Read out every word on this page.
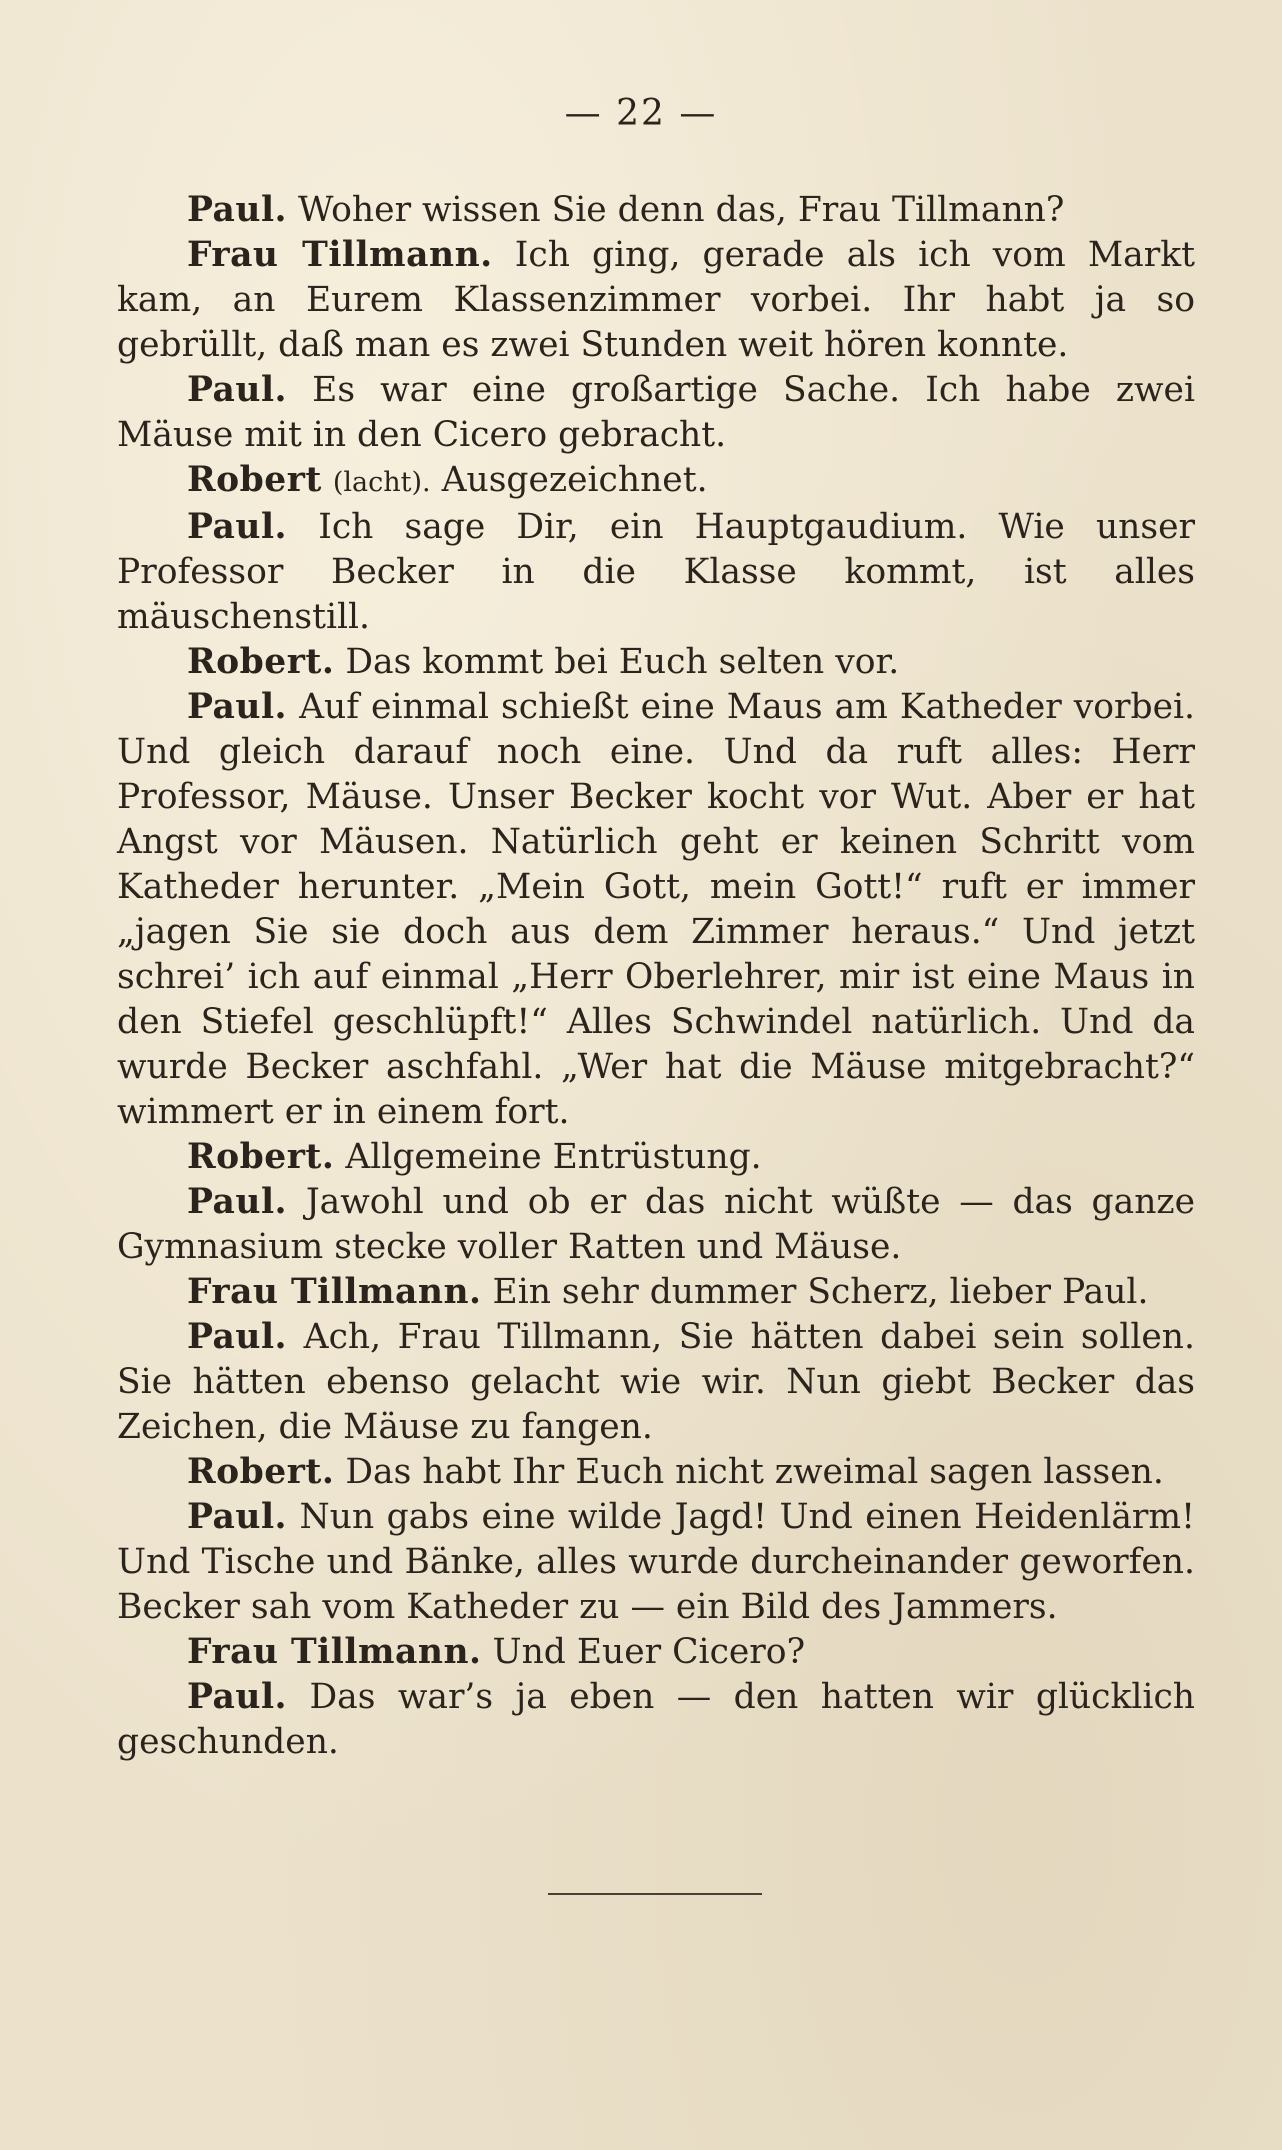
— 22 —

Paul. Woher wissen Sie denn das, Frau Tillmann?

Frau Tillmann. Ich ging, gerade als ich vom Markt kam, an Eurem Klassenzimmer vorbei. Ihr habt ja so gebrüllt, daß man es zwei Stunden weit hören konnte.

Paul. Es war eine großartige Sache. Ich habe zwei Mäuse mit in den Cicero gebracht.

Robert (lacht). Ausgezeichnet.

Paul. Ich sage Dir, ein Hauptgaudium. Wie unser Professor Becker in die Klasse kommt, ist alles mäuschenstill.

Robert. Das kommt bei Euch selten vor.

Paul. Auf einmal schießt eine Maus am Katheder vorbei. Und gleich darauf noch eine. Und da ruft alles: Herr Professor, Mäuse. Unser Becker kocht vor Wut. Aber er hat Angst vor Mäusen. Natürlich geht er keinen Schritt vom Katheder herunter. „Mein Gott, mein Gott!“ ruft er immer „jagen Sie sie doch aus dem Zimmer heraus.“ Und jetzt schrei’ ich auf einmal „Herr Oberlehrer, mir ist eine Maus in den Stiefel geschlüpft!“ Alles Schwindel natürlich. Und da wurde Becker aschfahl. „Wer hat die Mäuse mitgebracht?“ wimmert er in einem fort.

Robert. Allgemeine Entrüstung.

Paul. Jawohl und ob er das nicht wüßte — das ganze Gymnasium stecke voller Ratten und Mäuse.

Frau Tillmann. Ein sehr dummer Scherz, lieber Paul.

Paul. Ach, Frau Tillmann, Sie hätten dabei sein sollen. Sie hätten ebenso gelacht wie wir. Nun giebt Becker das Zeichen, die Mäuse zu fangen.

Robert. Das habt Ihr Euch nicht zweimal sagen lassen.

Paul. Nun gabs eine wilde Jagd! Und einen Heidenlärm! Und Tische und Bänke, alles wurde durcheinander geworfen. Becker sah vom Katheder zu — ein Bild des Jammers.

Frau Tillmann. Und Euer Cicero?

Paul. Das war’s ja eben — den hatten wir glücklich geschunden.
